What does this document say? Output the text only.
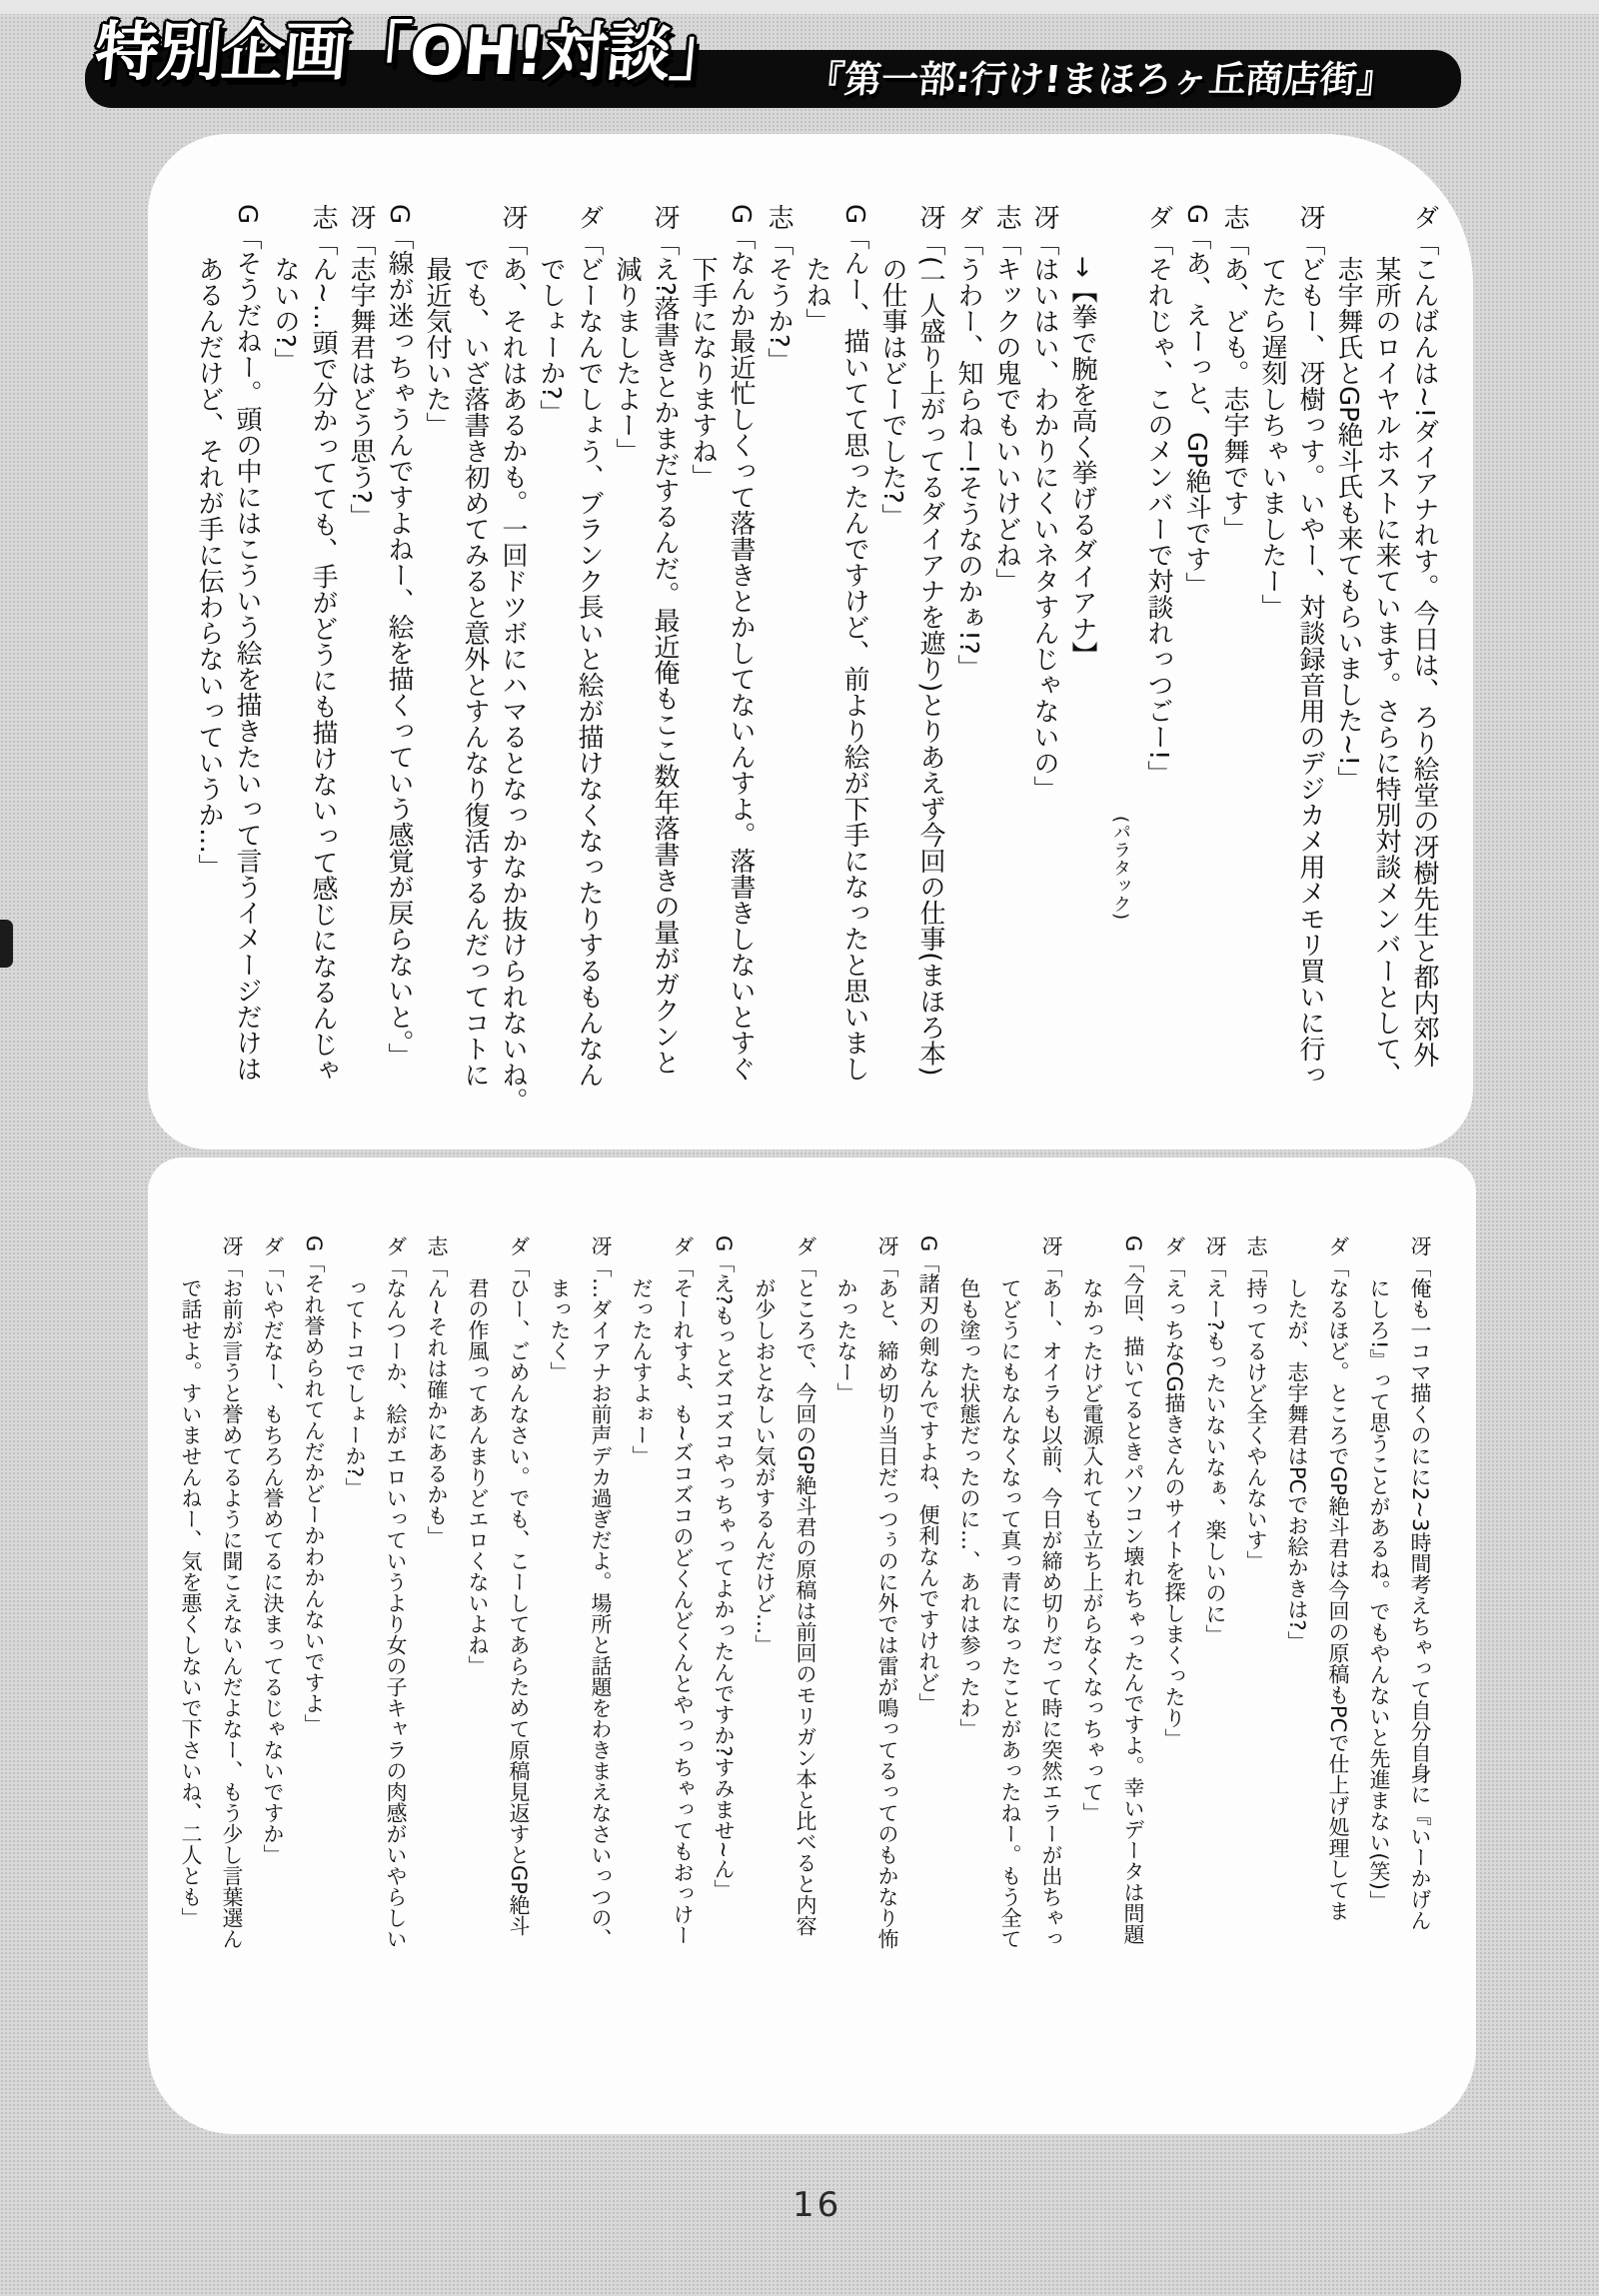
特別企画「OH!対談」 『第一部:行け!まほろヶ丘商店街』
ダ「こんばんは~!ダイアナれす。今日は、ろり絵堂の冴樹先生と都内郊外
某所のロイヤルホストに来ています。さらに特別対談メンバーとして、
志宇舞氏とGP絶斗氏も来てもらいました~!」
冴「どもー、冴樹っす。いやー、対談録音用のデジカメ用メモリ買いに行っ
てたら遅刻しちゃいましたー」
志「あ、ども。志宇舞です」
G「あ、えーっと、GP絶斗です」
ダ「それじゃ、このメンバーで対談れっつごー!」
(パラタック)
→【拳で腕を高く挙げるダイアナ】
冴「はいはい、わかりにくいネタすんじゃないの」
志「キックの鬼でもいいけどね」
ダ「うわー、知らねー!そうなのかぁ!?」
冴「(一人盛り上がってるダイアナを遮り)とりあえず今回の仕事(まほろ本)
の仕事はどーでした?」
G「んー、描いてて思ったんですけど、前より絵が下手になったと思いまし
たね」
志「そうか?」
G「なんか最近忙しくって落書きとかしてないんすよ。落書きしないとすぐ
下手になりますね」
冴「え?落書きとかまだするんだ。最近俺もここ数年落書きの量がガクンと
減りましたよー」
ダ「どーなんでしょう、ブランク長いと絵が描けなくなったりするもんなん
でしょーか?」
冴「あ、それはあるかも。一回ドツボにハマるとなっかなか抜けられないね。
でも、いざ落書き初めてみると意外とすんなり復活するんだってコトに
最近気付いた」
G「線が迷っちゃうんですよねー、絵を描くっていう感覚が戻らないと。」
冴「志宇舞君はどう思う?」
志「ん~…頭で分かってても、手がどうにも描けないって感じになるんじゃ
ないの?」
G「そうだねー。頭の中にはこういう絵を描きたいって言うイメージだけは
あるんだけど、それが手に伝わらないっていうか…」
冴「俺も一コマ描くのにに2~3時間考えちゃって自分自身に『いーかげん
にしろ!』って思うことがあるね。でもやんないと先進まない(笑)」
ダ「なるほど。ところでGP絶斗君は今回の原稿もPCで仕上げ処理してま
したが、志宇舞君はPCでお絵かきは?」
志「持ってるけど全くやんないす」
冴「えー?もったいないなぁ、楽しいのに」
ダ「えっちなCG描きさんのサイトを探しまくったり」
G「今回、描いてるときパソコン壊れちゃったんですよ。幸いデータは問題
なかったけど電源入れても立ち上がらなくなっちゃって」
冴「あー、オイラも以前、今日が締め切りだって時に突然エラーが出ちゃっ
てどうにもなんなくなって真っ青になったことがあったねー。もう全て
色も塗った状態だったのに…、あれは参ったわ」
G「諸刃の剣なんですよね、便利なんですけれど」
冴「あと、締め切り当日だっつぅのに外では雷が鳴ってるってのもかなり怖
かったなー」
ダ「ところで、今回のGP絶斗君の原稿は前回のモリガン本と比べると内容
が少しおとなしい気がするんだけど…」
G「え?もっとズコズコやっちゃってよかったんですか?すみませ~ん」
ダ「そーれすよ、も~ズコズコのどくんどくんとやっっちゃってもおっけー
だったんすよぉー」
冴「…ダイアナお前声デカ過ぎだよ。場所と話題をわきまえなさいっつの、
まったく」
ダ「ひー、ごめんなさい。でも、こーしてあらためて原稿見返すとGP絶斗
君の作風ってあんまりどエロくないよね」
志「ん~それは確かにあるかも」
ダ「なんつーか、絵がエロいっていうより女の子キャラの肉感がいやらしい
ってトコでしょーか?」
G「それ誉められてんだかどーかわかんないですよ」
ダ「いやだなー、もちろん誉めてるに決まってるじゃないですか」
冴「お前が言うと誉めてるように聞こえないんだよなー、もう少し言葉選ん
で話せよ。すいませんねー、気を悪くしないで下さいね、二人とも」
16
